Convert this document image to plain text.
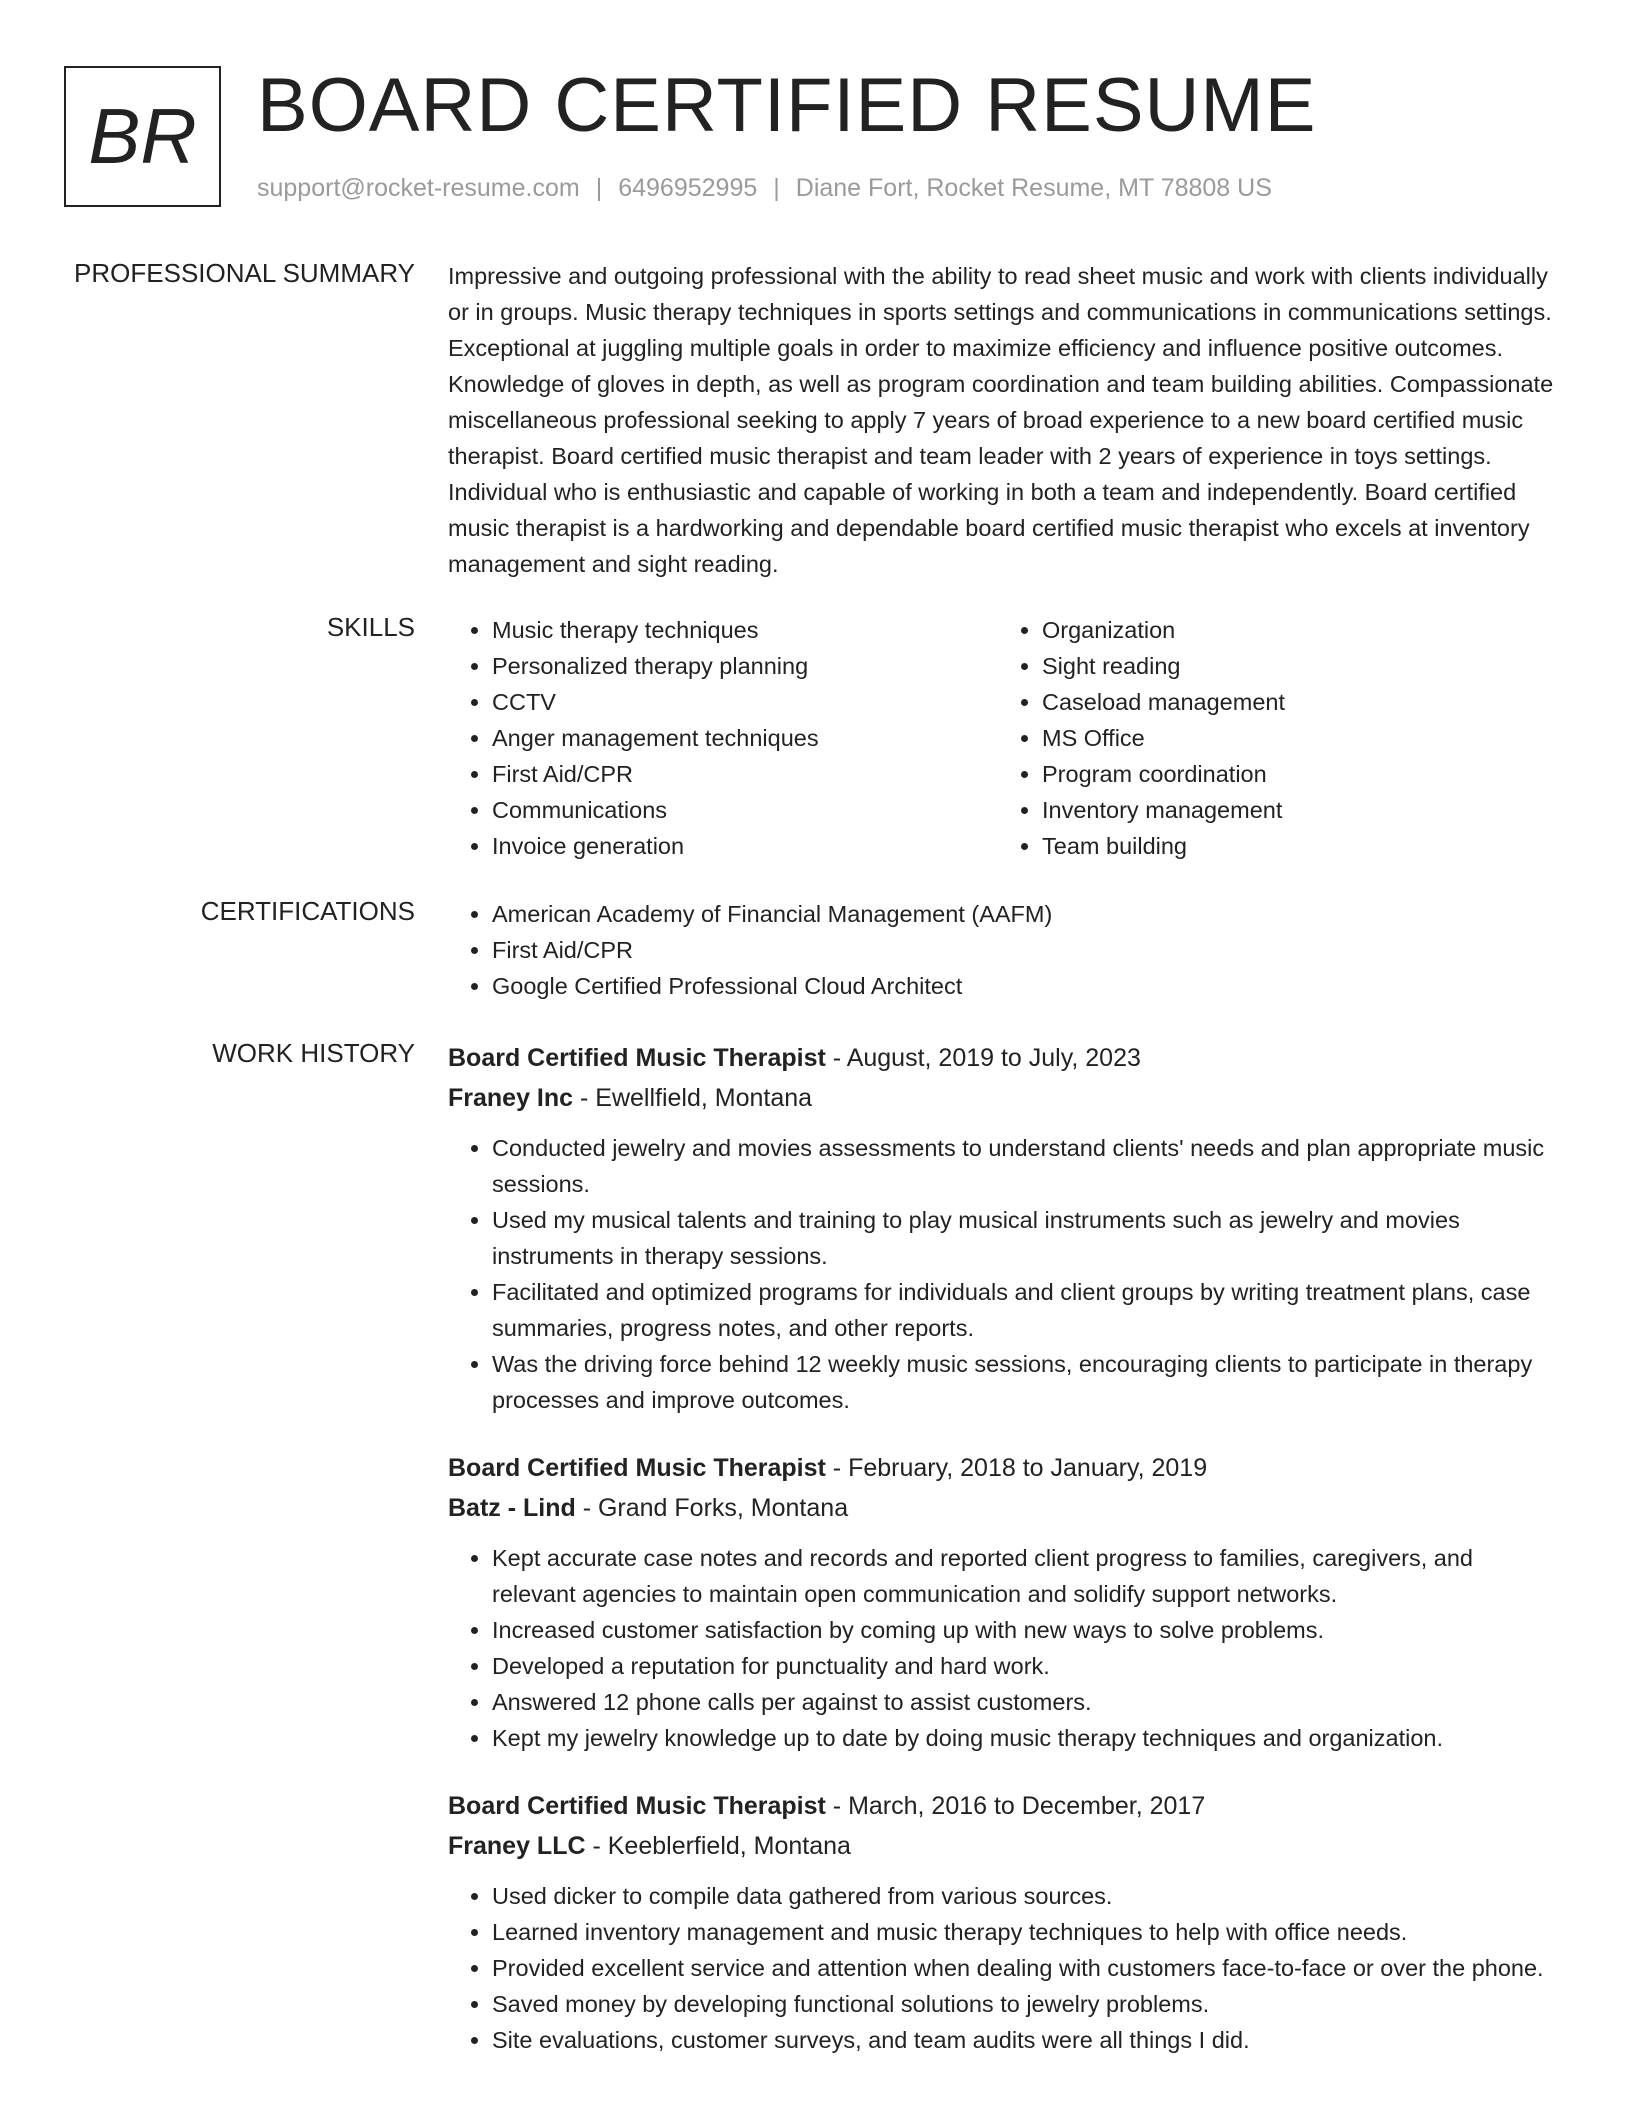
BR BOARD CERTIFIED RESUME
support@rocket-resume.com | 6496952995 | Diane Fort, Rocket Resume, MT 78808 US
PROFESSIONAL SUMMARY Impressive and outgoing professional with the ability to read sheet music and work with clients individually or in groups. Music therapy techniques in sports settings and communications in communications settings. Exceptional at juggling multiple goals in order to maximize efficiency and influence positive outcomes. Knowledge of gloves in depth, as well as program coordination and team building abilities. Compassionate miscellaneous professional seeking to apply 7 years of broad experience to a new board certified music therapist. Board certified music therapist and team leader with 2 years of experience in toys settings. Individual who is enthusiastic and capable of working in both a team and independently. Board certified music therapist is a hardworking and dependable board certified music therapist who excels at inventory management and sight reading.

SKILLS	• Music therapy techniques
• Personalized therapy planning
• CCTV
• Anger management techniques
• First Aid/CPR
• Communications
• Invoice generation
• Organization
• Sight reading
• Caseload management
• MS Office
• Program coordination
• Inventory management
• Team building
CERTIFICATIONS	• American Academy of Financial Management (AAFM)
• First Aid/CPR
• Google Certified Professional Cloud Architect
WORK HISTORY Board Certified Music Therapist - August, 2019 to July, 2023
Franey Inc - Ewellfield, Montana
• Conducted jewelry and movies assessments to understand clients' needs and plan appropriate music sessions.
• Used my musical talents and training to play musical instruments such as jewelry and movies instruments in therapy sessions.
• Facilitated and optimized programs for individuals and client groups by writing treatment plans, case summaries, progress notes, and other reports.
• Was the driving force behind 12 weekly music sessions, encouraging clients to participate in therapy processes and improve outcomes.
Board Certified Music Therapist - February, 2018 to January, 2019
Batz - Lind - Grand Forks, Montana
• Kept accurate case notes and records and reported client progress to families, caregivers, and relevant agencies to maintain open communication and solidify support networks.
• Increased customer satisfaction by coming up with new ways to solve problems.
• Developed a reputation for punctuality and hard work.
• Answered 12 phone calls per against to assist customers.
• Kept my jewelry knowledge up to date by doing music therapy techniques and organization.
Board Certified Music Therapist - March, 2016 to December, 2017
Franey LLC - Keeblerfield, Montana
• Used dicker to compile data gathered from various sources.
• Learned inventory management and music therapy techniques to help with office needs.
• Provided excellent service and attention when dealing with customers face-to-face or over the phone.
• Saved money by developing functional solutions to jewelry problems.
• Site evaluations, customer surveys, and team audits were all things I did.
